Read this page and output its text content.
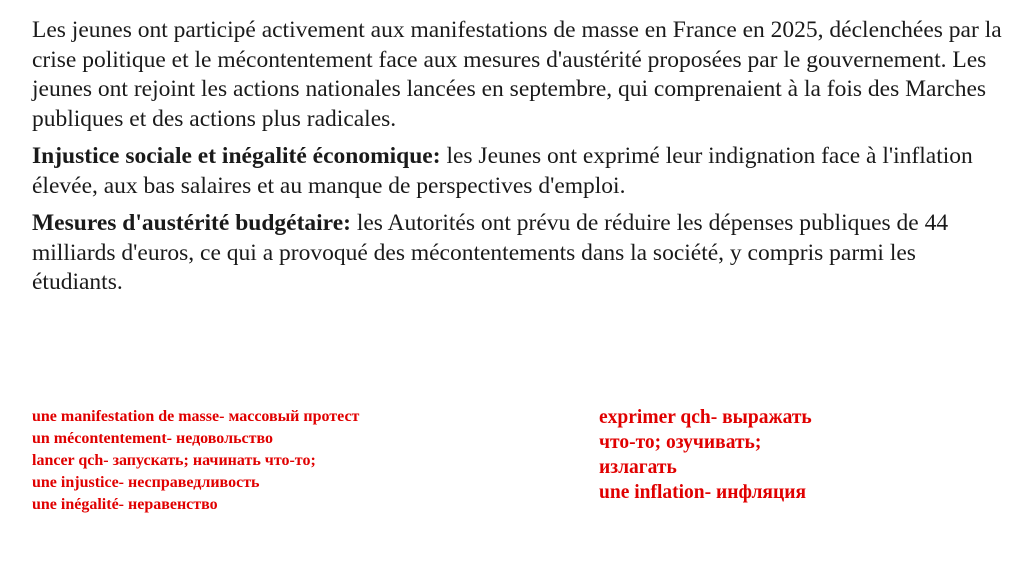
Les jeunes ont participé activement aux manifestations de masse en France en 2025, déclenchées par la crise politique et le mécontentement face aux mesures d'austérité proposées par le gouvernement. Les jeunes ont rejoint les actions nationales lancées en septembre, qui comprenaient à la fois des Marches publiques et des actions plus radicales.

Injustice sociale et inégalité économique: les Jeunes ont exprimé leur indignation face à l'inflation élevée, aux bas salaires et au manque de perspectives d'emploi.

Mesures d'austérité budgétaire: les Autorités ont prévu de réduire les dépenses publiques de 44 milliards d'euros, ce qui a provoqué des mécontentements dans la société, y compris parmi les étudiants.

une manifestation de masse- массовый протест
un mécontentement- недовольство
lancer qch- запускать; начинать что-то;
une injustice- несправедливость
une inégalité- неравенство
exprimer qch- выражать
что-то; озучивать;
излагать
une inflation- инфляция
